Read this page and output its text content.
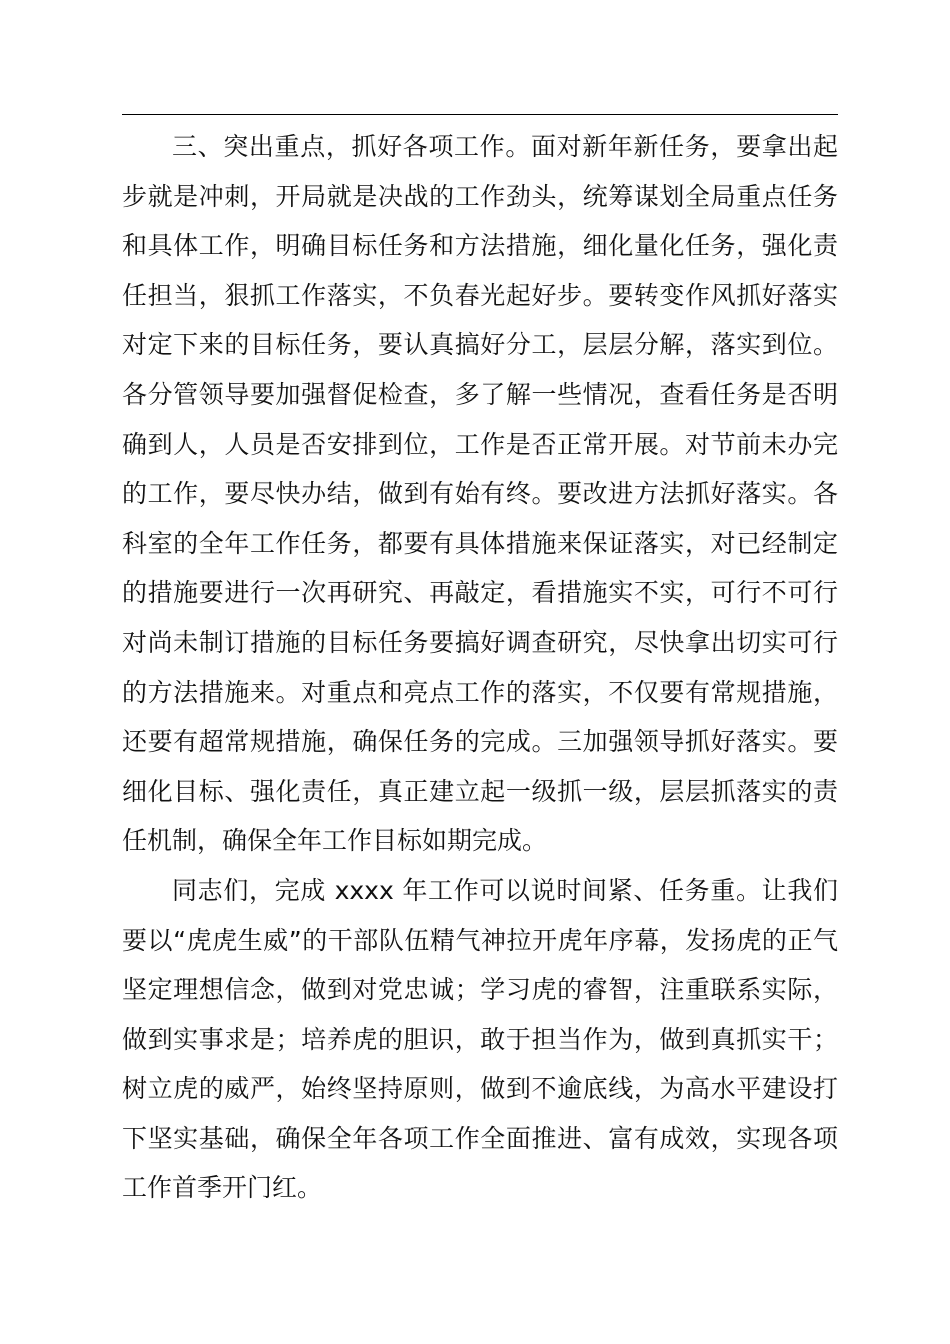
三、突出重点，抓好各项工作。面对新年新任务，要拿出起
步就是冲刺，开局就是决战的工作劲头，统筹谋划全局重点任务
和具体工作，明确目标任务和方法措施，细化量化任务，强化责
任担当，狠抓工作落实，不负春光起好步。要转变作风抓好落实
对定下来的目标任务，要认真搞好分工，层层分解，落实到位。
各分管领导要加强督促检查，多了解一些情况，查看任务是否明
确到人，人员是否安排到位，工作是否正常开展。对节前未办完
的工作，要尽快办结，做到有始有终。要改进方法抓好落实。各
科室的全年工作任务，都要有具体措施来保证落实，对已经制定
的措施要进行一次再研究、再敲定，看措施实不实，可行不可行
对尚未制订措施的目标任务要搞好调查研究，尽快拿出切实可行
的方法措施来。对重点和亮点工作的落实，不仅要有常规措施，
还要有超常规措施，确保任务的完成。三加强领导抓好落实。要
细化目标、强化责任，真正建立起一级抓一级，层层抓落实的责
任机制，确保全年工作目标如期完成。
同志们，完成 xxxx 年工作可以说时间紧、任务重。让我们
要以“虎虎生威”的干部队伍精气神拉开虎年序幕，发扬虎的正气
坚定理想信念，做到对党忠诚；学习虎的睿智，注重联系实际，
做到实事求是；培养虎的胆识，敢于担当作为，做到真抓实干；
树立虎的威严，始终坚持原则，做到不逾底线，为高水平建设打
下坚实基础，确保全年各项工作全面推进、富有成效，实现各项
工作首季开门红。
